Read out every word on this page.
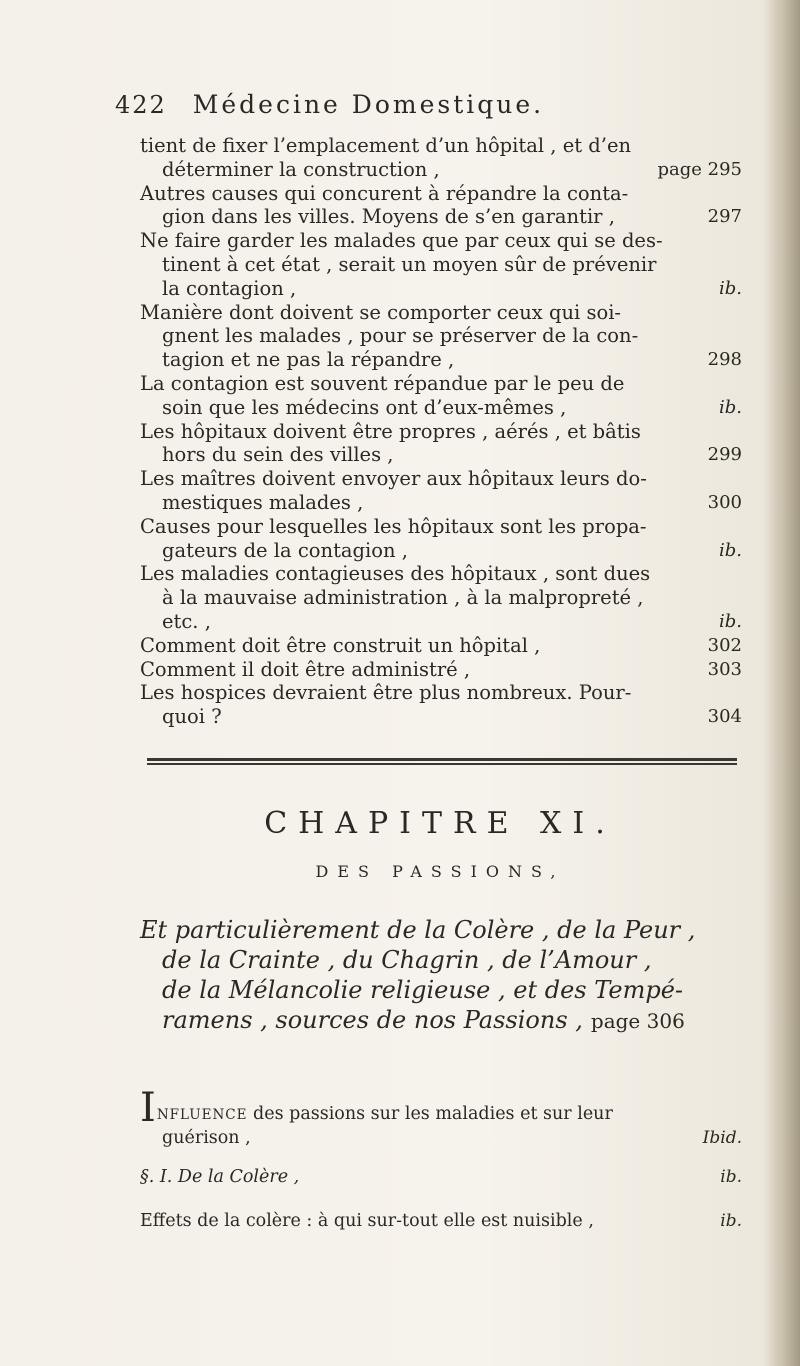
422 Médecine Domestique.
tient de fixer l’emplacement d’un hôpital , et d’en
déterminer la construction ,	page 295
Autres causes qui concurent à répandre la conta-
gion dans les villes. Moyens de s’en garantir ,	297
Ne faire garder les malades que par ceux qui se des-
tinent à cet état , serait un moyen sûr de prévenir
la contagion ,	ib.
Manière dont doivent se comporter ceux qui soi-
gnent les malades , pour se préserver de la con-
tagion et ne pas la répandre ,	298
La contagion est souvent répandue par le peu de
soin que les médecins ont d’eux-mêmes ,	ib.
Les hôpitaux doivent être propres , aérés , et bâtis
hors du sein des villes ,	299
Les maîtres doivent envoyer aux hôpitaux leurs do-
mestiques malades ,	300
Causes pour lesquelles les hôpitaux sont les propa-
gateurs de la contagion ,	ib.
Les maladies contagieuses des hôpitaux , sont dues
à la mauvaise administration , à la malpropreté ,
etc. ,	ib.
Comment doit être construit un hôpital ,	302
Comment il doit être administré ,	303
Les hospices devraient être plus nombreux. Pour-
quoi ?	304
CHAPITRE XI.
DES PASSIONS,
Et particulièrement de la Colère , de la Peur ,
de la Crainte , du Chagrin , de l’Amour ,
de la Mélancolie religieuse , et des Tempé-
ramens , sources de nos Passions , page 306
INFLUENCE des passions sur les maladies et sur leur
guérison ,	Ibid.
§. I. De la Colère ,	ib.
Effets de la colère : à qui sur-tout elle est nuisible ,	ib.
